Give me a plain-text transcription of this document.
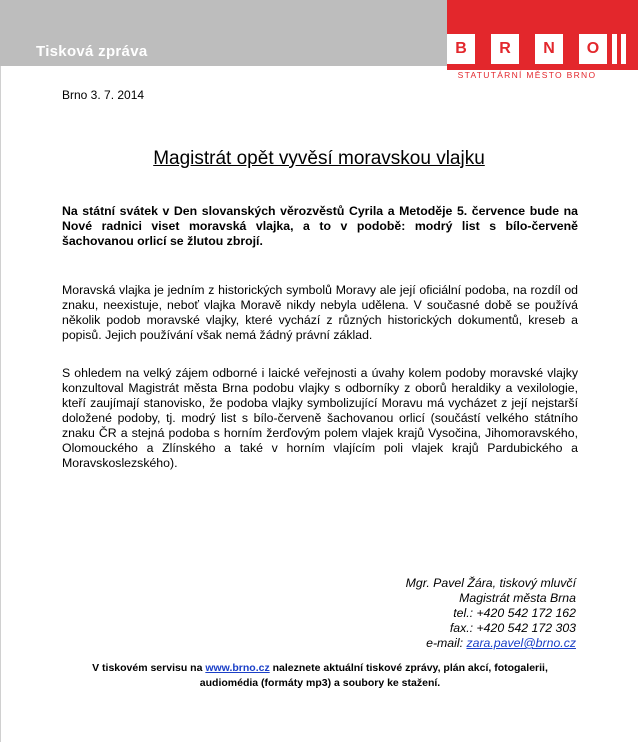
Tisková zpráva	B	R	N	O
STATUTÁRNÍ MĚSTO BRNO
Brno 3. 7. 2014
Magistrát opět vyvěsí moravskou vlajku
Na státní svátek v Den slovanských věrozvěstů Cyrila a Metoděje 5. července bude na Nové radnici viset moravská vlajka, a to v podobě: modrý list s bílo-červeně šachovanou orlicí se žlutou zbrojí.
Moravská vlajka je jedním z historických symbolů Moravy ale její oficiální podoba, na rozdíl od znaku, neexistuje, neboť vlajka Moravě nikdy nebyla udělena. V současné době se používá několik podob moravské vlajky, které vychází z různých historických dokumentů, kreseb a popisů. Jejich používání však nemá žádný právní základ.
S ohledem na velký zájem odborné i laické veřejnosti a úvahy kolem podoby moravské vlajky konzultoval Magistrát města Brna podobu vlajky s odborníky z oborů heraldiky a vexilologie, kteří zaujímají stanovisko, že podoba vlajky symbolizující Moravu má vycházet z její nejstarší doložené podoby, tj. modrý list s bílo-červeně šachovanou orlicí (součástí velkého státního znaku ČR a stejná podoba s horním žerďovým polem vlajek krajů Vysočina, Jihomoravského, Olomouckého a Zlínského a také v horním vlajícím poli vlajek krajů Pardubického a Moravskoslezského).
Mgr. Pavel Žára, tiskový mluvčí
Magistrát města Brna
tel.: +420 542 172 162
fax.: +420 542 172 303
e-mail: zara.pavel@brno.cz
V tiskovém servisu na www.brno.cz naleznete aktuální tiskové zprávy, plán akcí, fotogalerii, audiomédia (formáty mp3) a soubory ke stažení.
